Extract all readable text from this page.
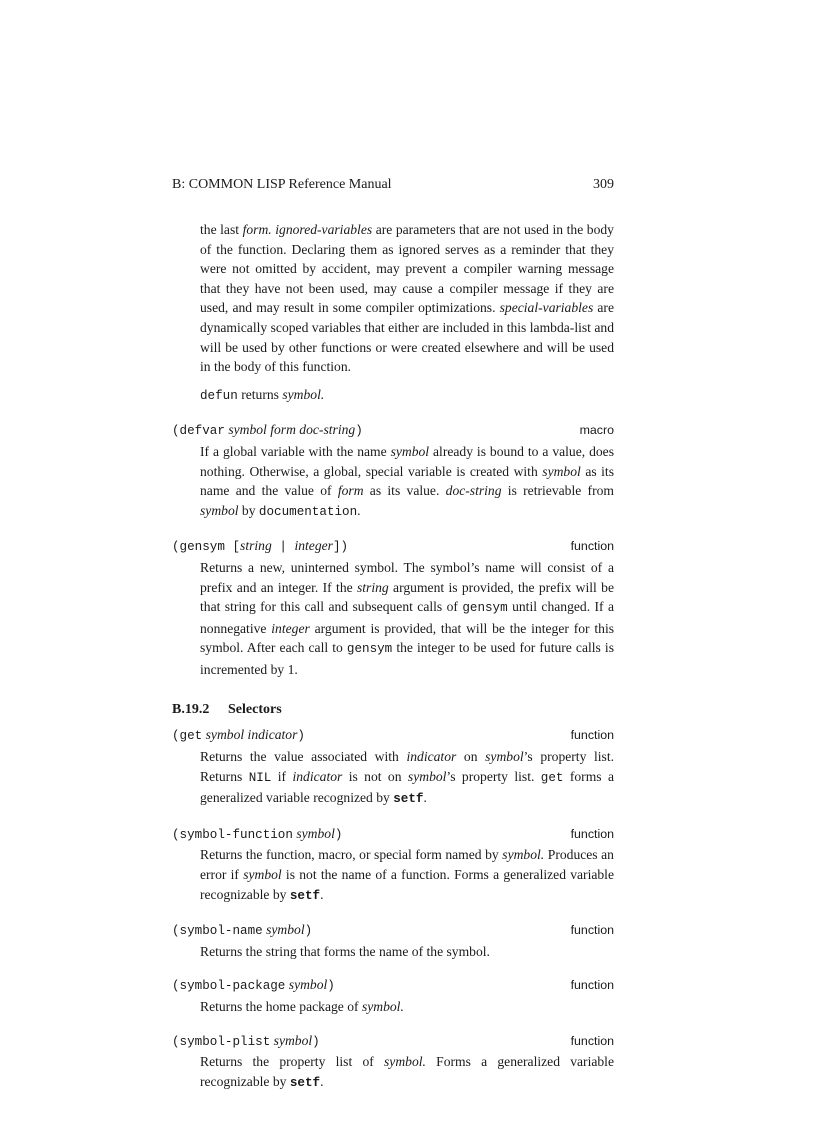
B: COMMON LISP Reference Manual	309
the last form. ignored-variables are parameters that are not used in the body of the function. Declaring them as ignored serves as a reminder that they were not omitted by accident, may prevent a compiler warning message that they have not been used, may cause a compiler message if they are used, and may result in some compiler optimizations. special-variables are dynamically scoped variables that either are included in this lambda-list and will be used by other functions or were created elsewhere and will be used in the body of this function.
defun returns symbol.
(defvar symbol form doc-string)	macro
If a global variable with the name symbol already is bound to a value, does nothing. Otherwise, a global, special variable is created with symbol as its name and the value of form as its value. doc-string is retrievable from symbol by documentation.
(gensym [string | integer])	function
Returns a new, uninterned symbol. The symbol’s name will consist of a prefix and an integer. If the string argument is provided, the prefix will be that string for this call and subsequent calls of gensym until changed. If a nonnegative integer argument is provided, that will be the integer for this symbol. After each call to gensym the integer to be used for future calls is incremented by 1.
B.19.2 Selectors
(get symbol indicator)	function
Returns the value associated with indicator on symbol’s property list. Returns NIL if indicator is not on symbol’s property list. get forms a generalized variable recognized by setf.
(symbol-function symbol)	function
Returns the function, macro, or special form named by symbol. Produces an error if symbol is not the name of a function. Forms a generalized variable recognizable by setf.
(symbol-name symbol)	function
Returns the string that forms the name of the symbol.
(symbol-package symbol)	function
Returns the home package of symbol.
(symbol-plist symbol)	function
Returns the property list of symbol. Forms a generalized variable recognizable by setf.
